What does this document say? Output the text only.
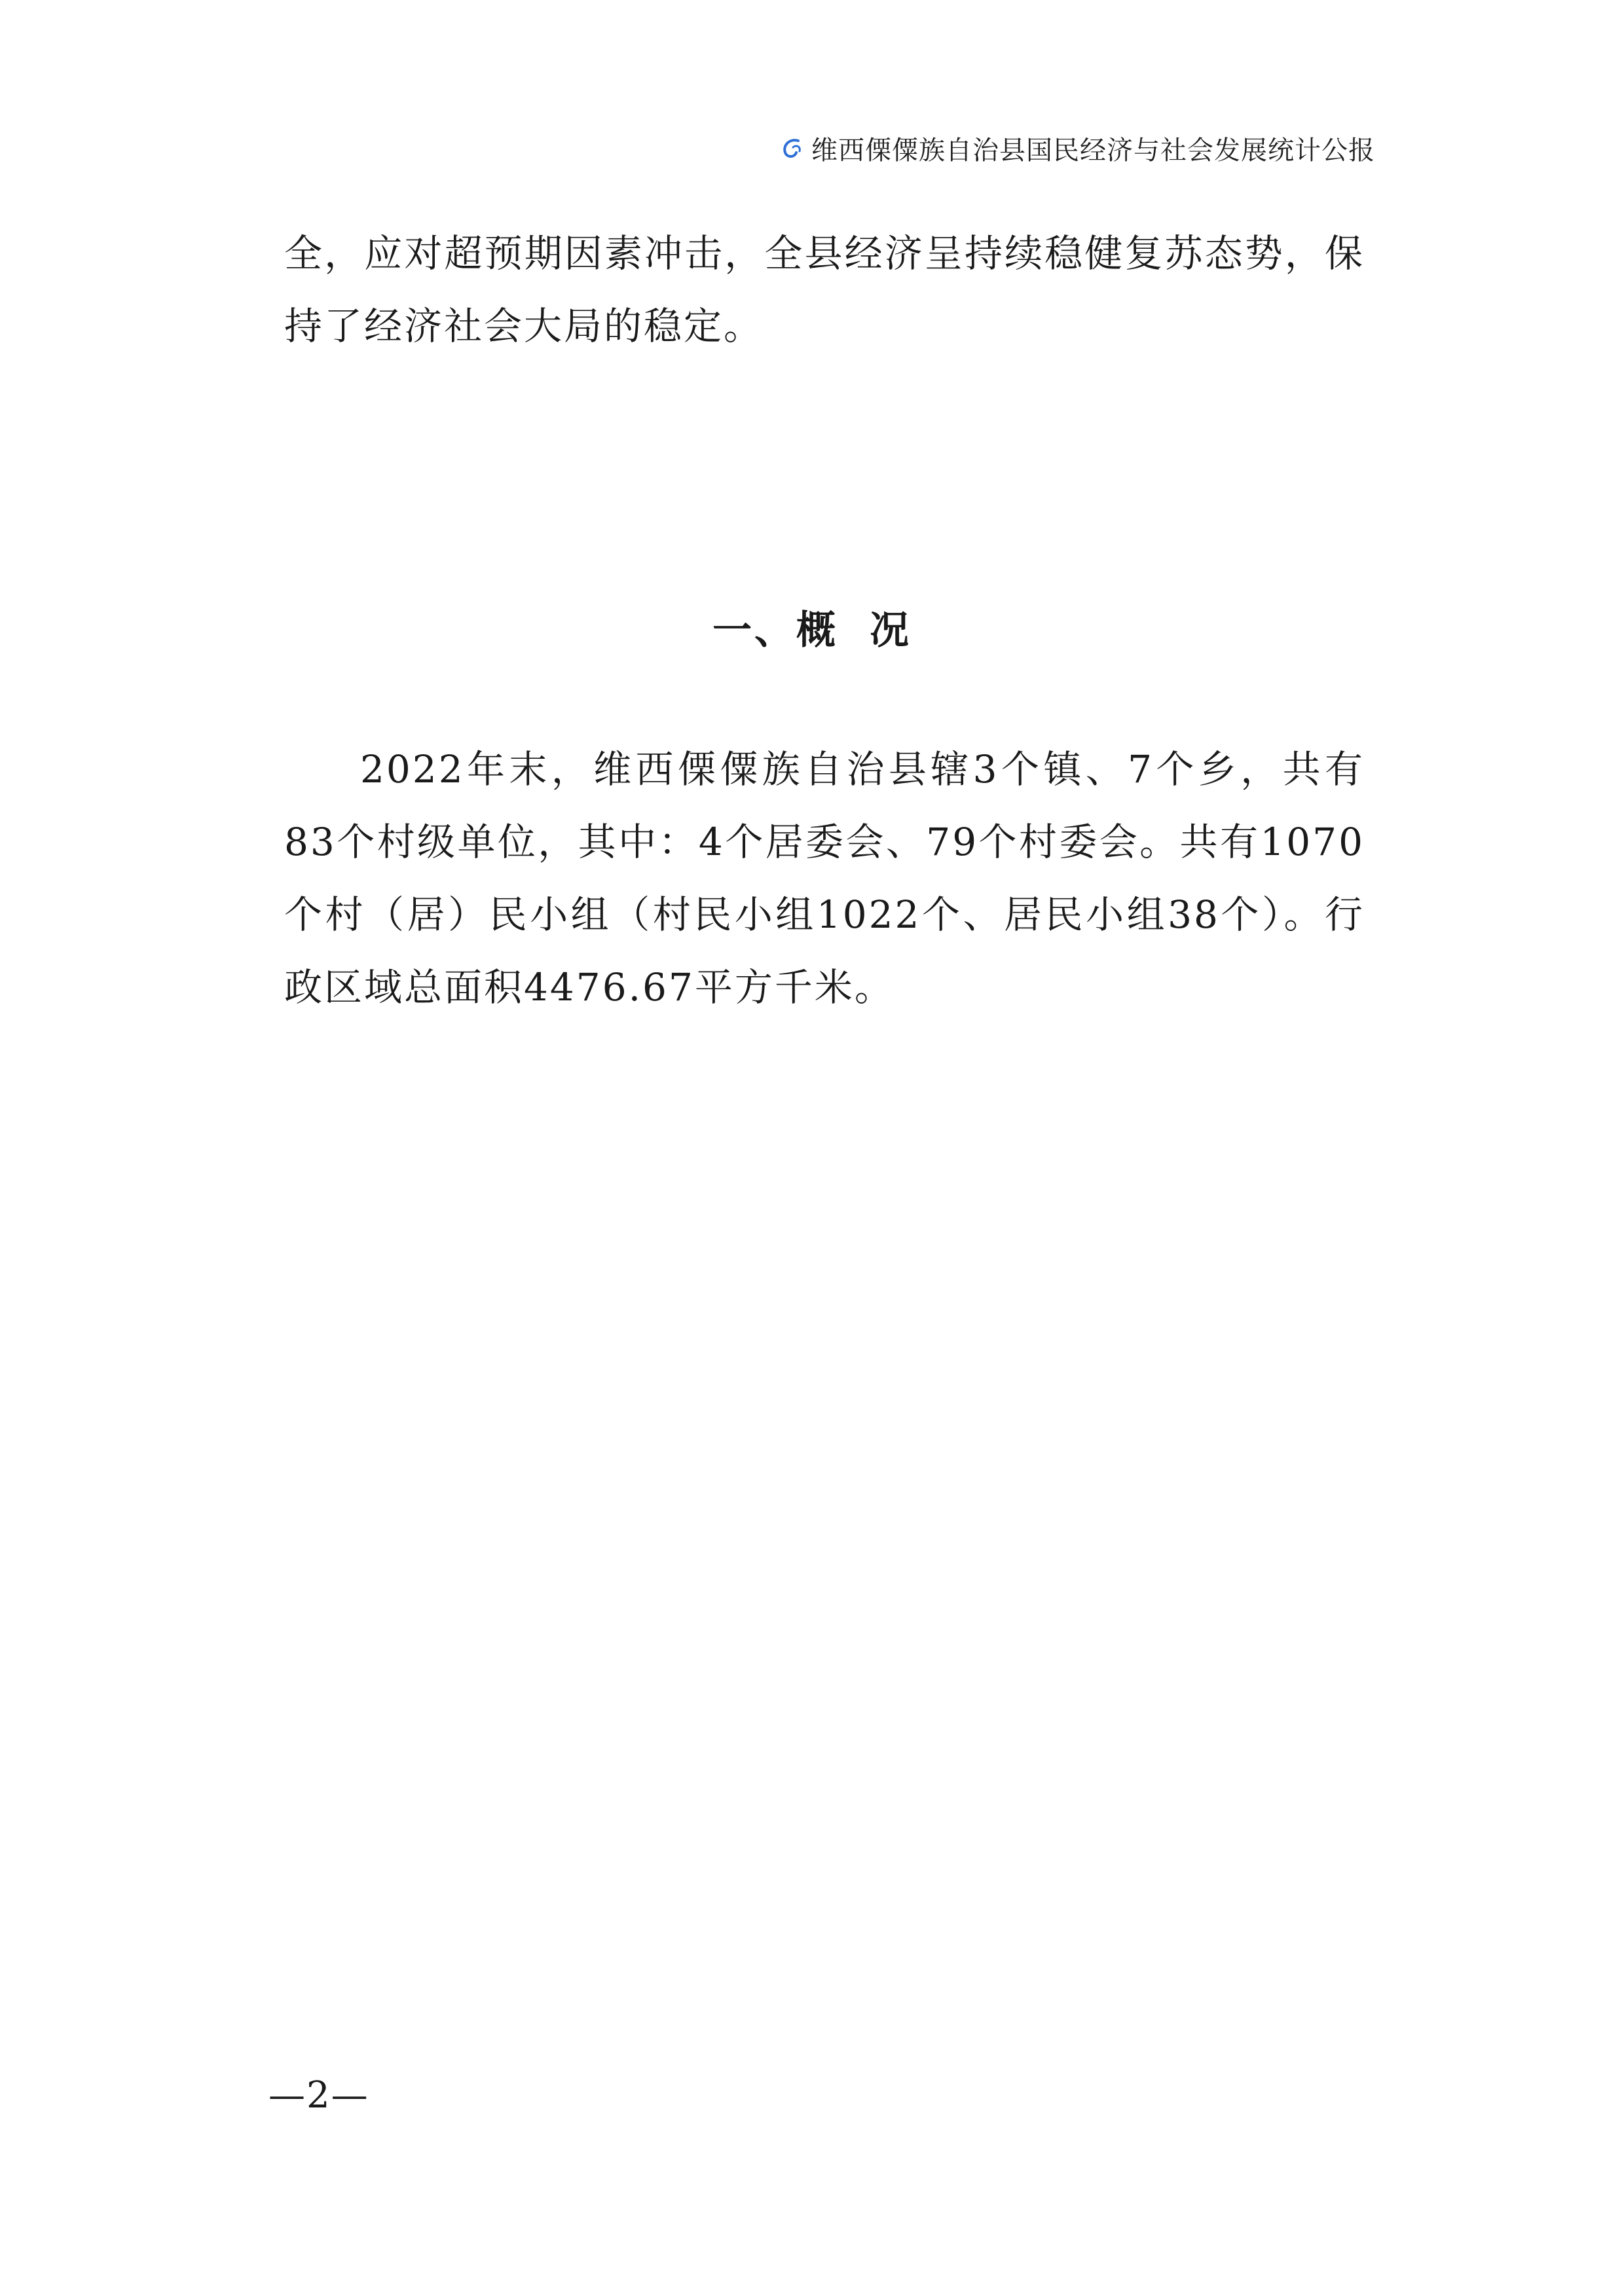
维西傈僳族自治县国民经济与社会发展统计公报

全，应对超预期因素冲击，全县经济呈持续稳健复苏态势，保持了经济社会大局的稳定。

一、概 况

2022年末，维西傈僳族自治县辖3个镇、7个乡，共有83个村级单位，其中：4个居委会、79个村委会。共有1070个村（居）民小组（村民小组1022个、居民小组38个）。行政区域总面积4476.67平方千米。

—2—
